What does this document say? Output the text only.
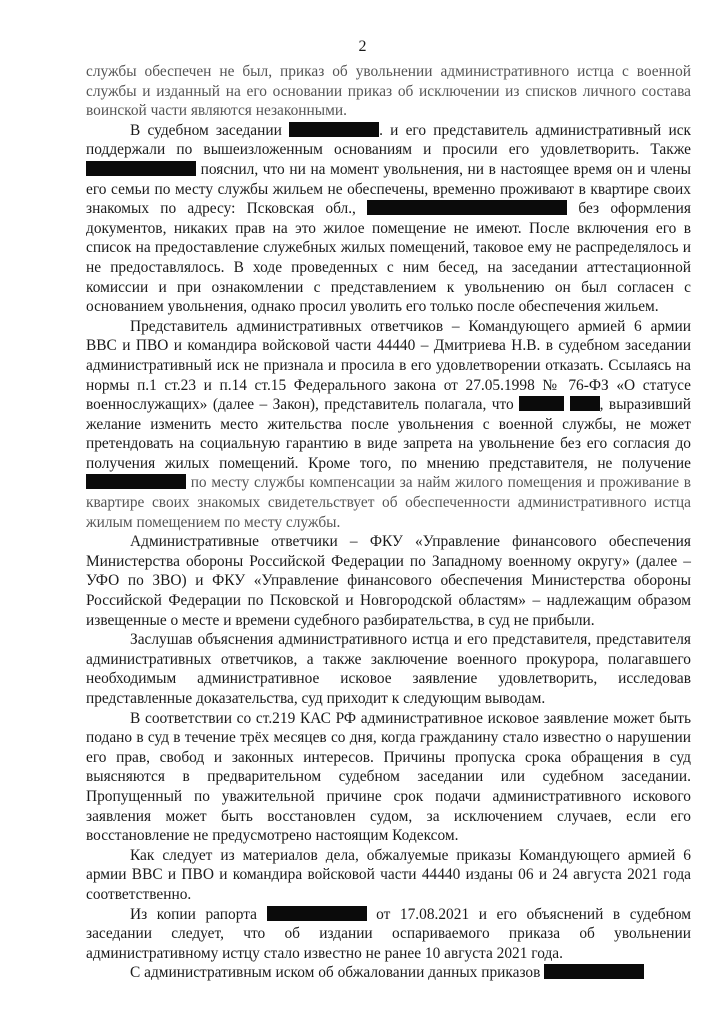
2

службы обеспечен не был, приказ об увольнении административного истца с военной службы и изданный на его основании приказ об исключении из списков личного состава воинской части являются незаконными.

В судебном заседании	. и его представитель административный иск поддержали по вышеизложенным основаниям и просили его удовлетворить. Также  пояснил, что ни на момент увольнения, ни в настоящее время он и члены его семьи по месту службы жильем не обеспечены, временно проживают в квартире своих знакомых по адресу: Псковская обл.,	без оформления документов, никаких прав на это жилое помещение не имеют. После включения его в список на предоставление служебных жилых помещений, таковое ему не распределялось и не предоставлялось. В ходе проведенных с ним бесед, на заседании аттестационной комиссии и при ознакомлении с представлением к увольнению он был согласен с основанием увольнения, однако просил уволить его только после обеспечения жильем.

Представитель административных ответчиков – Командующего армией 6 армии ВВС и ПВО и командира войсковой части 44440 – Дмитриева Н.В. в судебном заседании административный иск не признала и просила в его удовлетворении отказать. Ссылаясь на нормы п.1 ст.23 и п.14 ст.15 Федерального закона от 27.05.1998 № 76-ФЗ «О статусе военнослужащих» (далее – Закон), представитель полагала, что	, выразивший желание изменить место жительства после увольнения с военной службы, не может претендовать на социальную гарантию в виде запрета на увольнение без его согласия до получения жилых помещений. Кроме того, по мнению представителя, не получение  по месту службы компенсации за найм жилого помещения и проживание в квартире своих знакомых свидетельствует об обеспеченности административного истца жилым помещением по месту службы.

Административные ответчики – ФКУ «Управление финансового обеспечения Министерства обороны Российской Федерации по Западному военному округу» (далее – УФО по ЗВО) и ФКУ «Управление финансового обеспечения Министерства обороны Российской Федерации по Псковской и Новгородской областям» – надлежащим образом извещенные о месте и времени судебного разбирательства, в суд не прибыли.

Заслушав объяснения административного истца и его представителя, представителя административных ответчиков, а также заключение военного прокурора, полагавшего необходимым административное исковое заявление удовлетворить, исследовав представленные доказательства, суд приходит к следующим выводам.

В соответствии со ст.219 КАС РФ административное исковое заявление может быть подано в суд в течение трёх месяцев со дня, когда гражданину стало известно о нарушении его прав, свобод и законных интересов. Причины пропуска срока обращения в суд выясняются в предварительном судебном заседании или судебном заседании. Пропущенный по уважительной причине срок подачи административного искового заявления может быть восстановлен судом, за исключением случаев, если его восстановление не предусмотрено настоящим Кодексом.

Как следует из материалов дела, обжалуемые приказы Командующего армией 6 армии ВВС и ПВО и командира войсковой части 44440 изданы 06 и 24 августа 2021 года соответственно.

Из копии рапорта	от 17.08.2021 и его объяснений в судебном заседании следует, что об издании оспариваемого приказа об увольнении административному истцу стало известно не ранее 10 августа 2021 года.

С административным иском об обжаловании данных приказов
